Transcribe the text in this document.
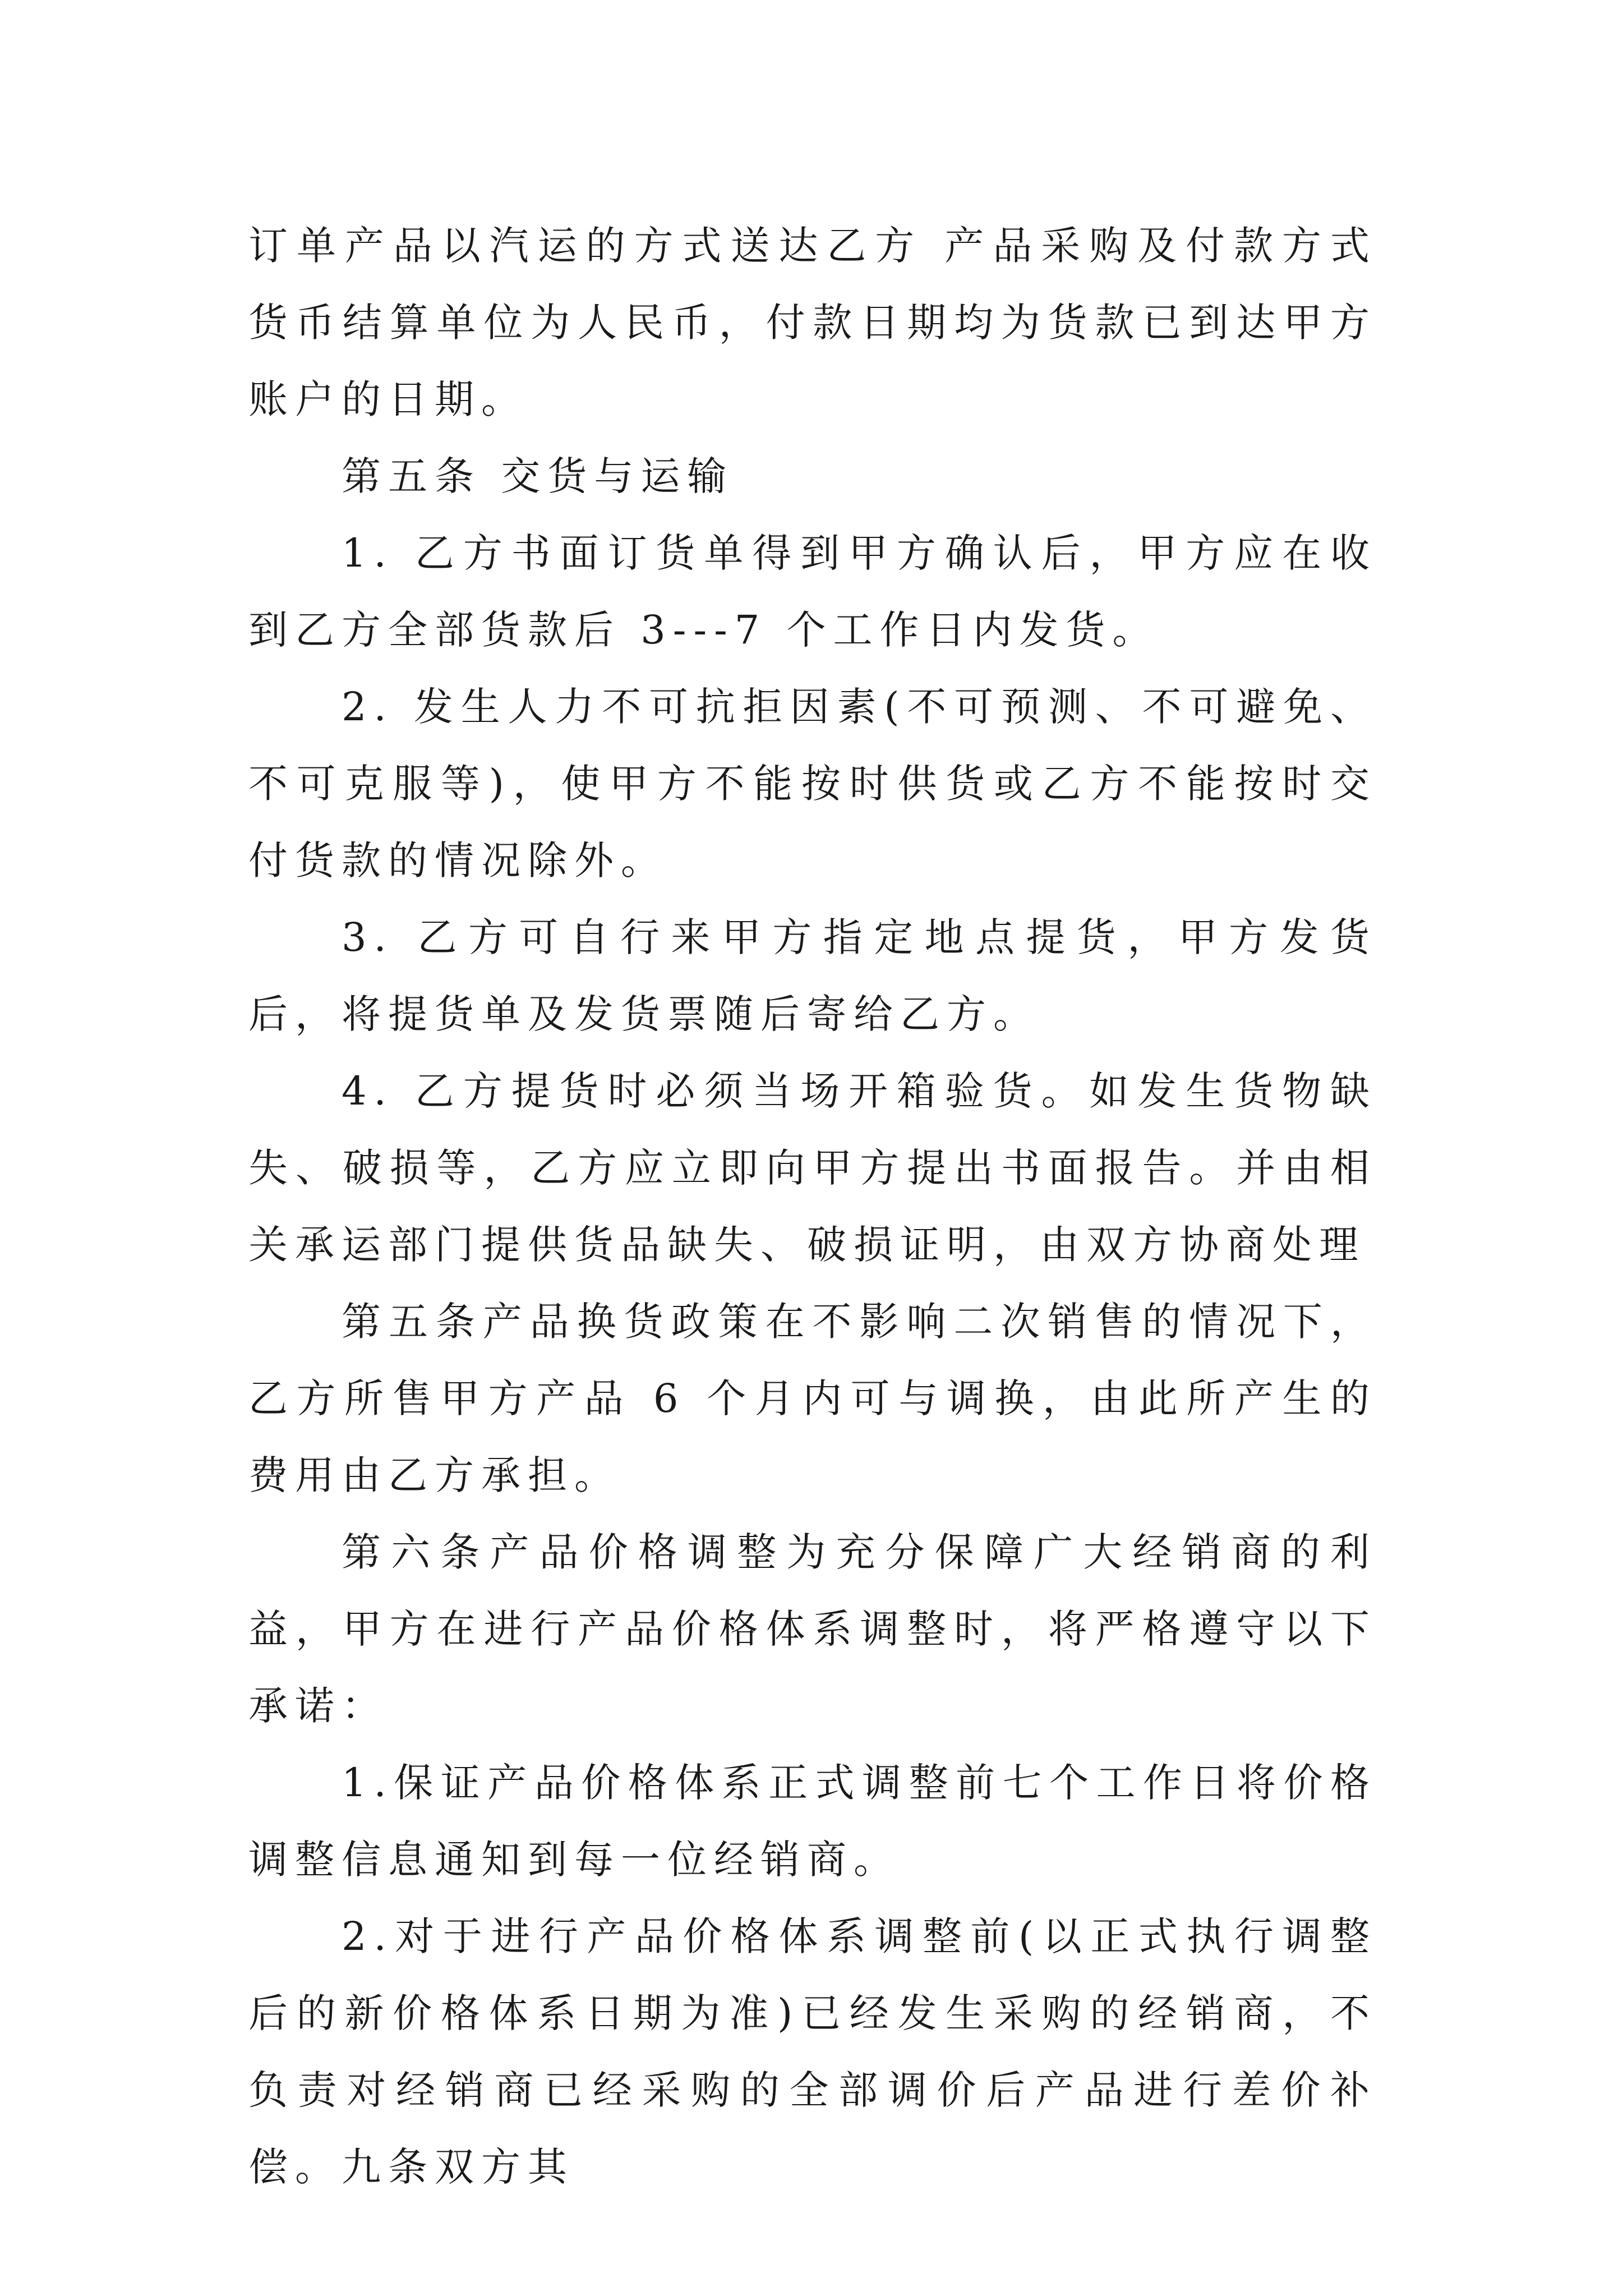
订单产品以汽运的方式送达乙方 产品采购及付款方式货币结算单位为人民币，付款日期均为货款已到达甲方账户的日期。

第五条 交货与运输

1. 乙方书面订货单得到甲方确认后，甲方应在收到乙方全部货款后 3---7 个工作日内发货。

2. 发生人力不可抗拒因素(不可预测、不可避免、不可克服等)，使甲方不能按时供货或乙方不能按时交付货款的情况除外。

3. 乙方可自行来甲方指定地点提货，甲方发货后，将提货单及发货票随后寄给乙方。

4. 乙方提货时必须当场开箱验货。如发生货物缺失、破损等，乙方应立即向甲方提出书面报告。并由相关承运部门提供货品缺失、破损证明，由双方协商处理

第五条产品换货政策在不影响二次销售的情况下，乙方所售甲方产品 6 个月内可与调换，由此所产生的费用由乙方承担。

第六条产品价格调整为充分保障广大经销商的利益，甲方在进行产品价格体系调整时，将严格遵守以下承诺：

1.保证产品价格体系正式调整前七个工作日将价格调整信息通知到每一位经销商。

2.对于进行产品价格体系调整前(以正式执行调整后的新价格体系日期为准)已经发生采购的经销商，不负责对经销商已经采购的全部调价后产品进行差价补偿。九条双方其
